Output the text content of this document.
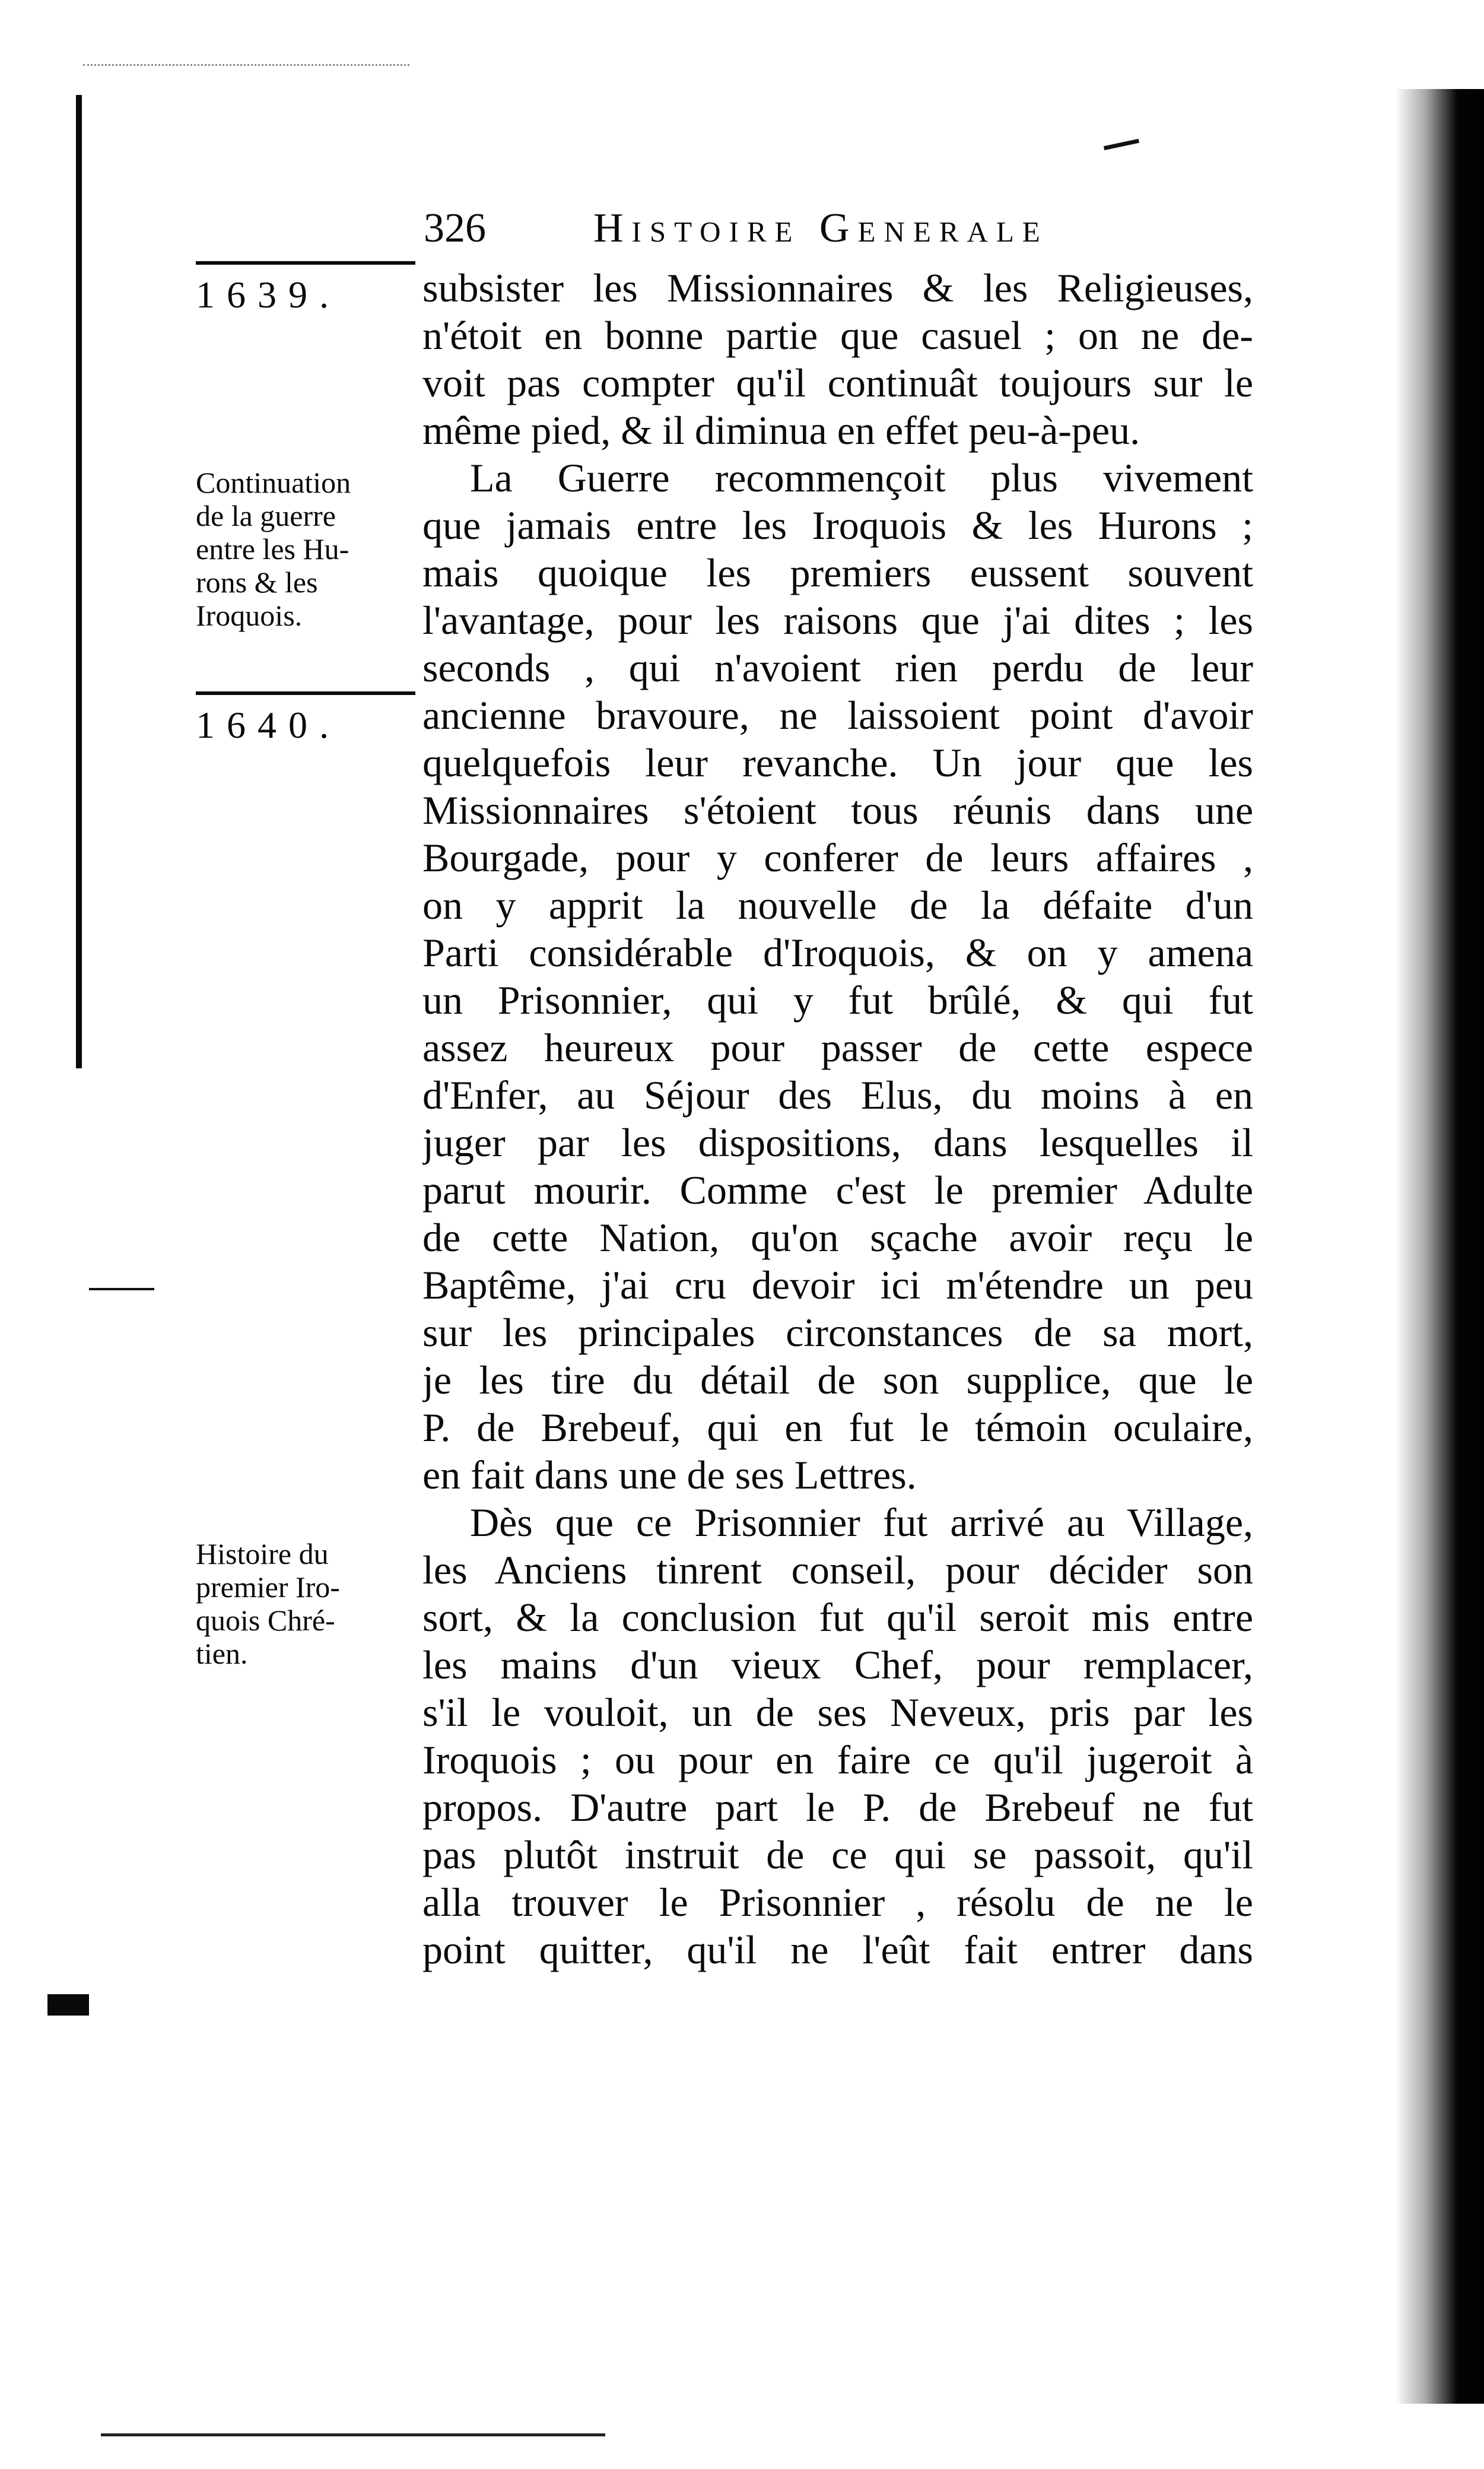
326	Histoire Generale
1639.
1640.
Continuation
de la guerre
entre les Hu-
rons & les
Iroquois.
Histoire du
premier Iro-
quois Chré-
tien.
subsister les Missionnaires & les Religieuses,
n'étoit en bonne partie que casuel ; on ne de-
voit pas compter qu'il continuât toujours sur le
même pied, & il diminua en effet peu-à-peu.
La Guerre recommençoit plus vivement
que jamais entre les Iroquois & les Hurons ;
mais quoique les premiers eussent souvent
l'avantage, pour les raisons que j'ai dites ; les
seconds , qui n'avoient rien perdu de leur
ancienne bravoure, ne laissoient point d'avoir
quelquefois leur revanche. Un jour que les
Missionnaires s'étoient tous réunis dans une
Bourgade, pour y conferer de leurs affaires ,
on y apprit la nouvelle de la défaite d'un
Parti considérable d'Iroquois, & on y amena
un Prisonnier, qui y fut brûlé, & qui fut
assez heureux pour passer de cette espece
d'Enfer, au Séjour des Elus, du moins à en
juger par les dispositions, dans lesquelles il
parut mourir. Comme c'est le premier Adulte
de cette Nation, qu'on sçache avoir reçu le
Baptême, j'ai cru devoir ici m'étendre un peu
sur les principales circonstances de sa mort,
je les tire du détail de son supplice, que le
P. de Brebeuf, qui en fut le témoin oculaire,
en fait dans une de ses Lettres.
Dès que ce Prisonnier fut arrivé au Village,
les Anciens tinrent conseil, pour décider son
sort, & la conclusion fut qu'il seroit mis entre
les mains d'un vieux Chef, pour remplacer,
s'il le vouloit, un de ses Neveux, pris par les
Iroquois ; ou pour en faire ce qu'il jugeroit à
propos. D'autre part le P. de Brebeuf ne fut
pas plutôt instruit de ce qui se passoit, qu'il
alla trouver le Prisonnier , résolu de ne le
point quitter, qu'il ne l'eût fait entrer dans
